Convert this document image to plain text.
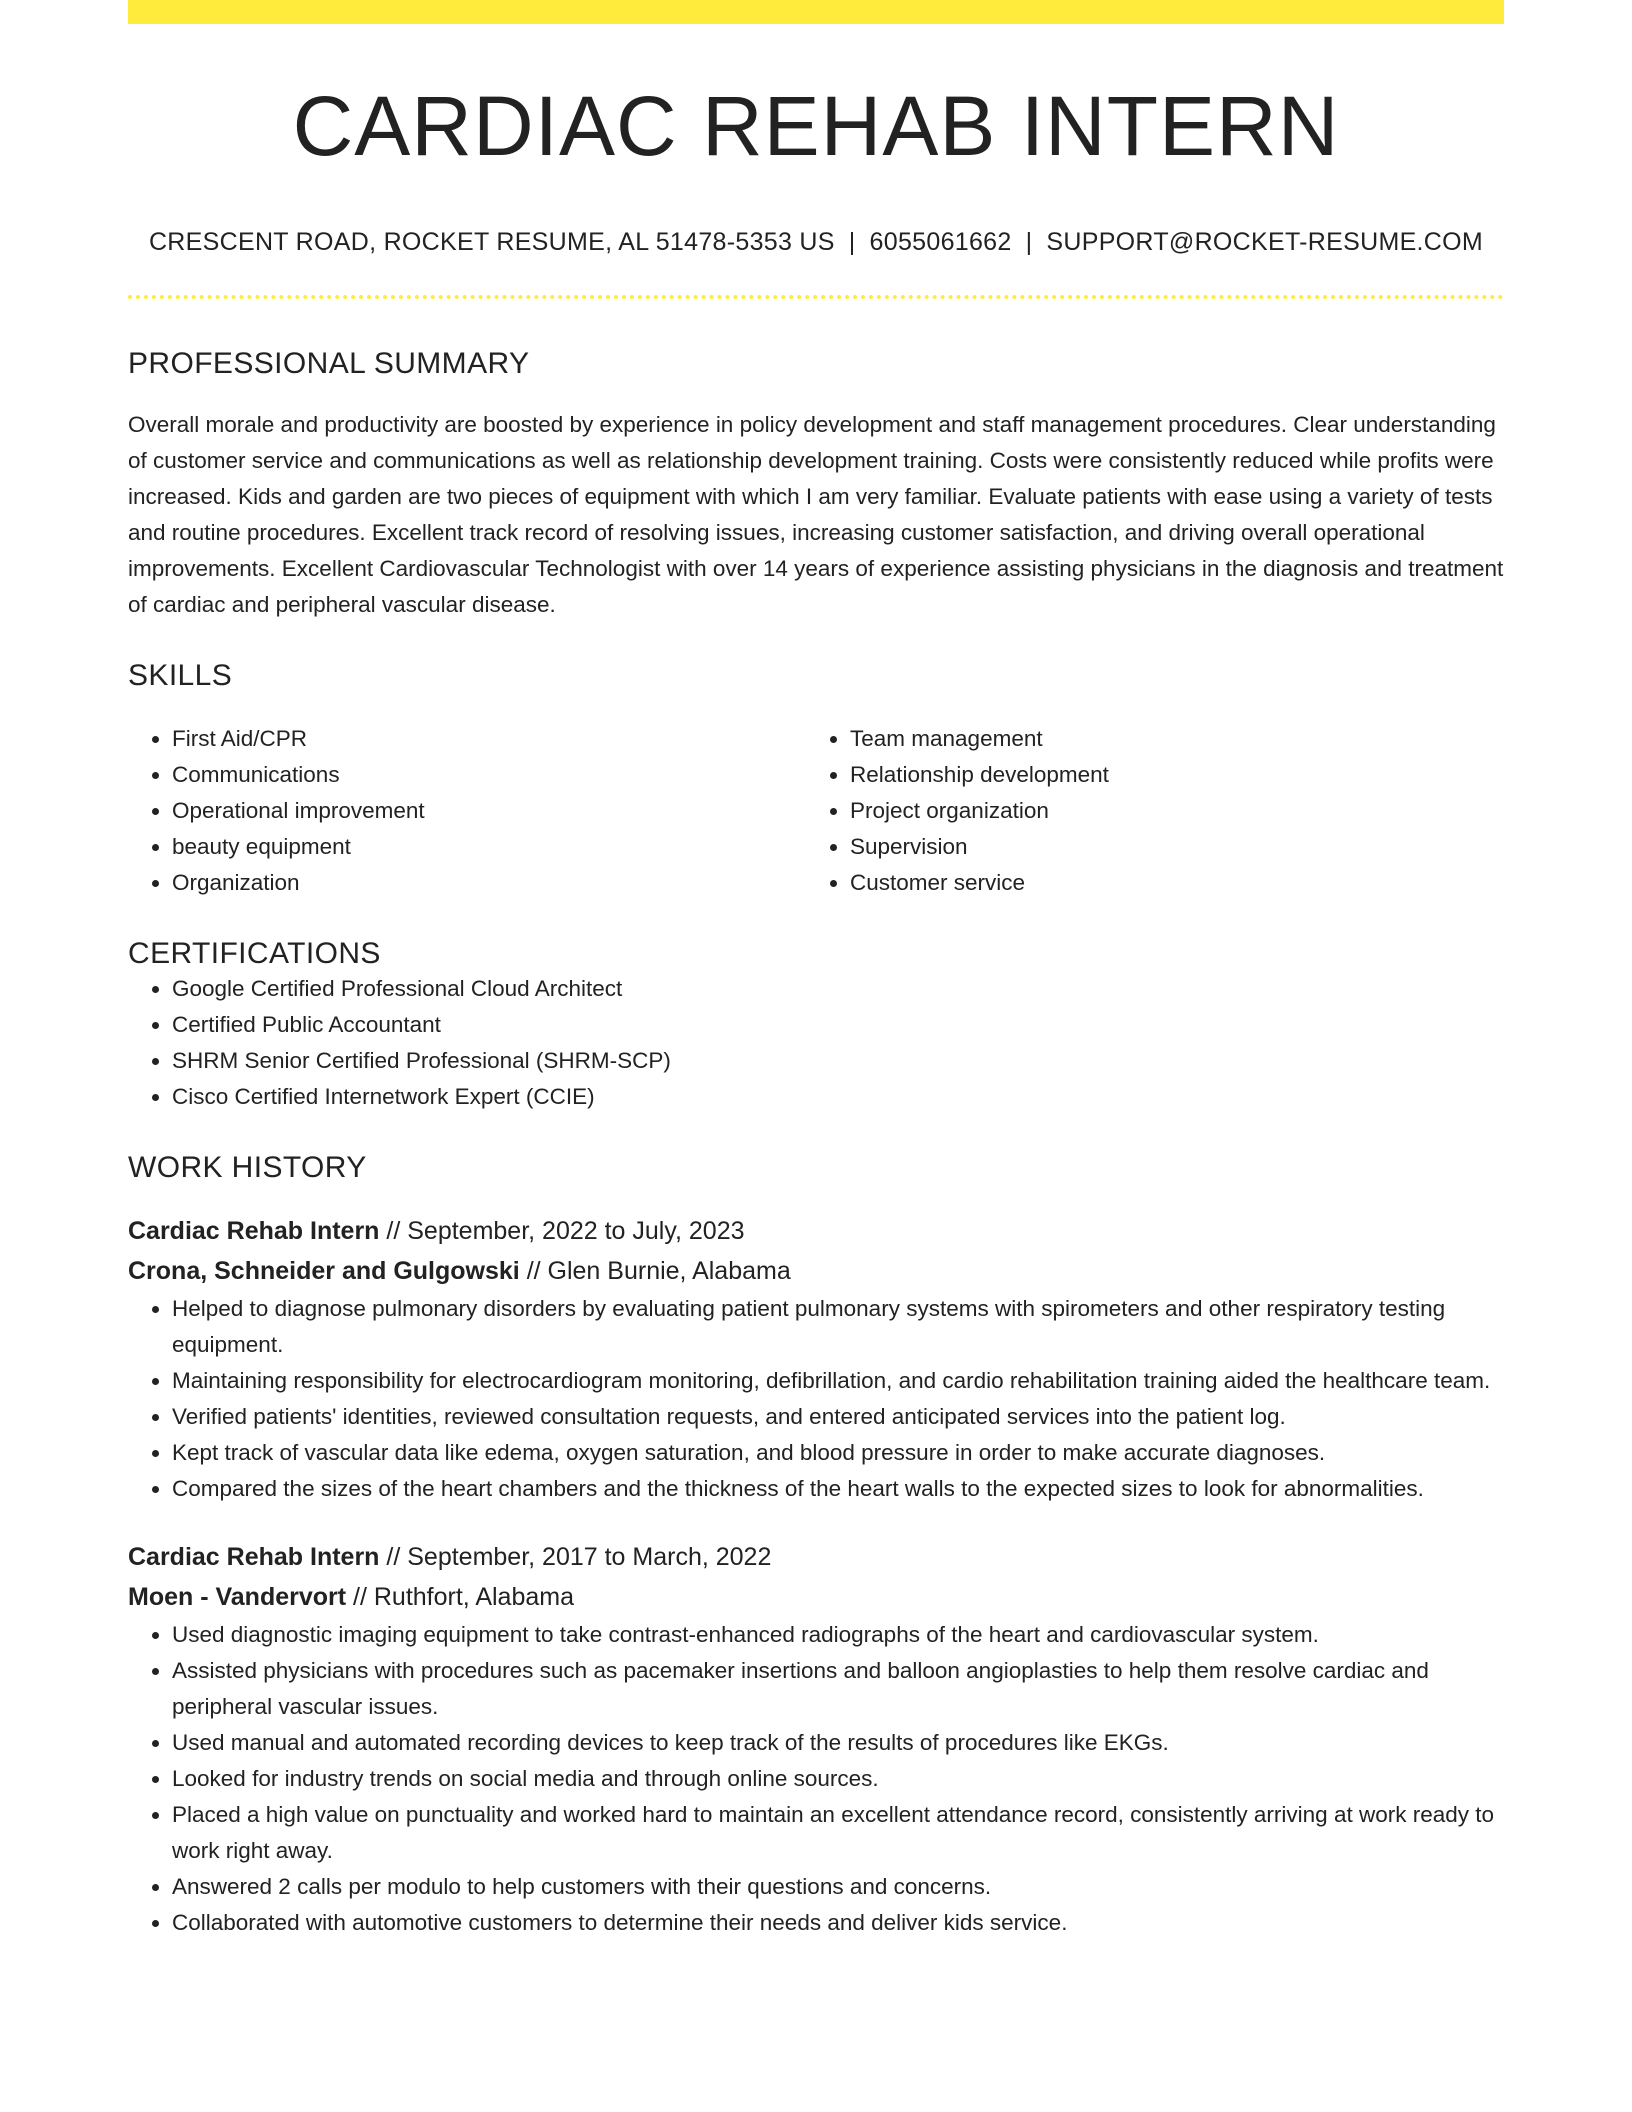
CARDIAC REHAB INTERN
CRESCENT ROAD, ROCKET RESUME, AL 51478-5353 US | 6055061662 | SUPPORT@ROCKET-RESUME.COM
PROFESSIONAL SUMMARY
Overall morale and productivity are boosted by experience in policy development and staff management procedures. Clear understanding of customer service and communications as well as relationship development training. Costs were consistently reduced while profits were increased. Kids and garden are two pieces of equipment with which I am very familiar. Evaluate patients with ease using a variety of tests and routine procedures. Excellent track record of resolving issues, increasing customer satisfaction, and driving overall operational improvements. Excellent Cardiovascular Technologist with over 14 years of experience assisting physicians in the diagnosis and treatment of cardiac and peripheral vascular disease.
SKILLS
• First Aid/CPR
• Communications
• Operational improvement
• beauty equipment
• Organization
• Team management
• Relationship development
• Project organization
• Supervision
• Customer service
CERTIFICATIONS
• Google Certified Professional Cloud Architect
• Certified Public Accountant
• SHRM Senior Certified Professional (SHRM-SCP)
• Cisco Certified Internetwork Expert (CCIE)
WORK HISTORY
Cardiac Rehab Intern // September, 2022 to July, 2023
Crona, Schneider and Gulgowski // Glen Burnie, Alabama
• Helped to diagnose pulmonary disorders by evaluating patient pulmonary systems with spirometers and other respiratory testing equipment.
• Maintaining responsibility for electrocardiogram monitoring, defibrillation, and cardio rehabilitation training aided the healthcare team.
• Verified patients' identities, reviewed consultation requests, and entered anticipated services into the patient log.
• Kept track of vascular data like edema, oxygen saturation, and blood pressure in order to make accurate diagnoses.
• Compared the sizes of the heart chambers and the thickness of the heart walls to the expected sizes to look for abnormalities.
Cardiac Rehab Intern // September, 2017 to March, 2022
Moen - Vandervort // Ruthfort, Alabama
• Used diagnostic imaging equipment to take contrast-enhanced radiographs of the heart and cardiovascular system.
• Assisted physicians with procedures such as pacemaker insertions and balloon angioplasties to help them resolve cardiac and peripheral vascular issues.
• Used manual and automated recording devices to keep track of the results of procedures like EKGs.
• Looked for industry trends on social media and through online sources.
• Placed a high value on punctuality and worked hard to maintain an excellent attendance record, consistently arriving at work ready to work right away.
• Answered 2 calls per modulo to help customers with their questions and concerns.
• Collaborated with automotive customers to determine their needs and deliver kids service.
